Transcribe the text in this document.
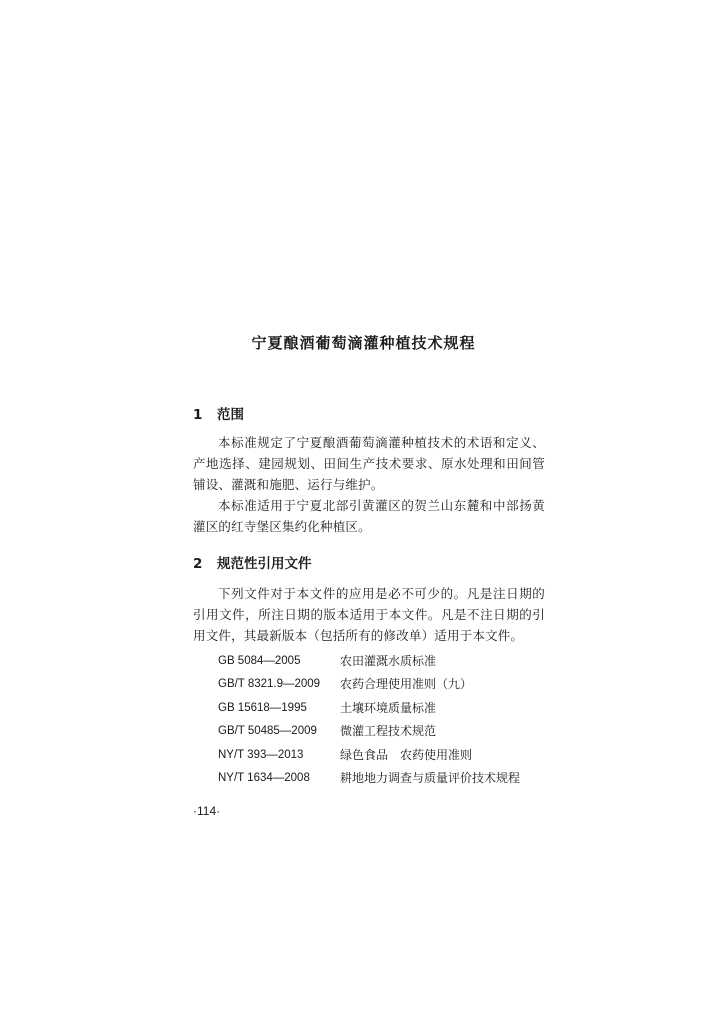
宁夏酿酒葡萄滴灌种植技术规程
1 范围

本标准规定了宁夏酿酒葡萄滴灌种植技术的术语和定义、产地选择、建园规划、田间生产技术要求、原水处理和田间管铺设、灌溉和施肥、运行与维护。

本标准适用于宁夏北部引黄灌区的贺兰山东麓和中部扬黄灌区的红寺堡区集约化种植区。

2 规范性引用文件

下列文件对于本文件的应用是必不可少的。凡是注日期的引用文件，所注日期的版本适用于本文件。凡是不注日期的引用文件，其最新版本（包括所有的修改单）适用于本文件。

GB 5084—2005	农田灌溉水质标准
GB/T 8321.9—2009	农药合理使用准则（九）
GB 15618—1995	土壤环境质量标准
GB/T 50485—2009	微灌工程技术规范
NY/T 393—2013	绿色食品　农药使用准则
NY/T 1634—2008	耕地地力调查与质量评价技术规程
·114·
